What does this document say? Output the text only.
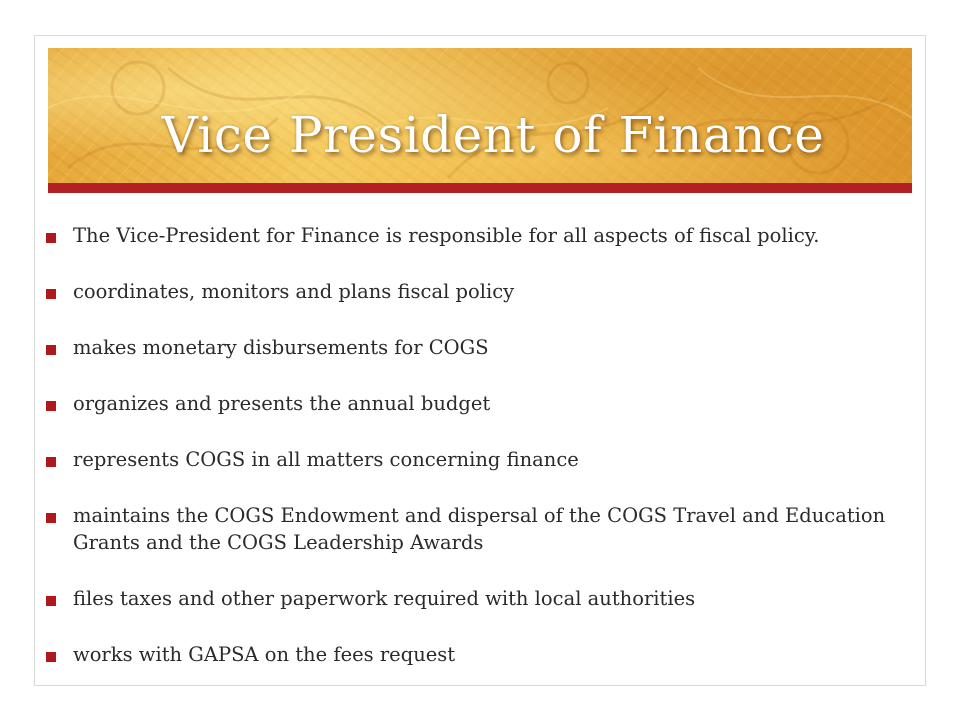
Vice President of Finance
The Vice-President for Finance is responsible for all aspects of fiscal policy.
coordinates, monitors and plans fiscal policy
makes monetary disbursements for COGS
organizes and presents the annual budget
represents COGS in all matters concerning finance
maintains the COGS Endowment and dispersal of the COGS Travel and Education Grants and the COGS Leadership Awards
files taxes and other paperwork required with local authorities
works with GAPSA on the fees request
